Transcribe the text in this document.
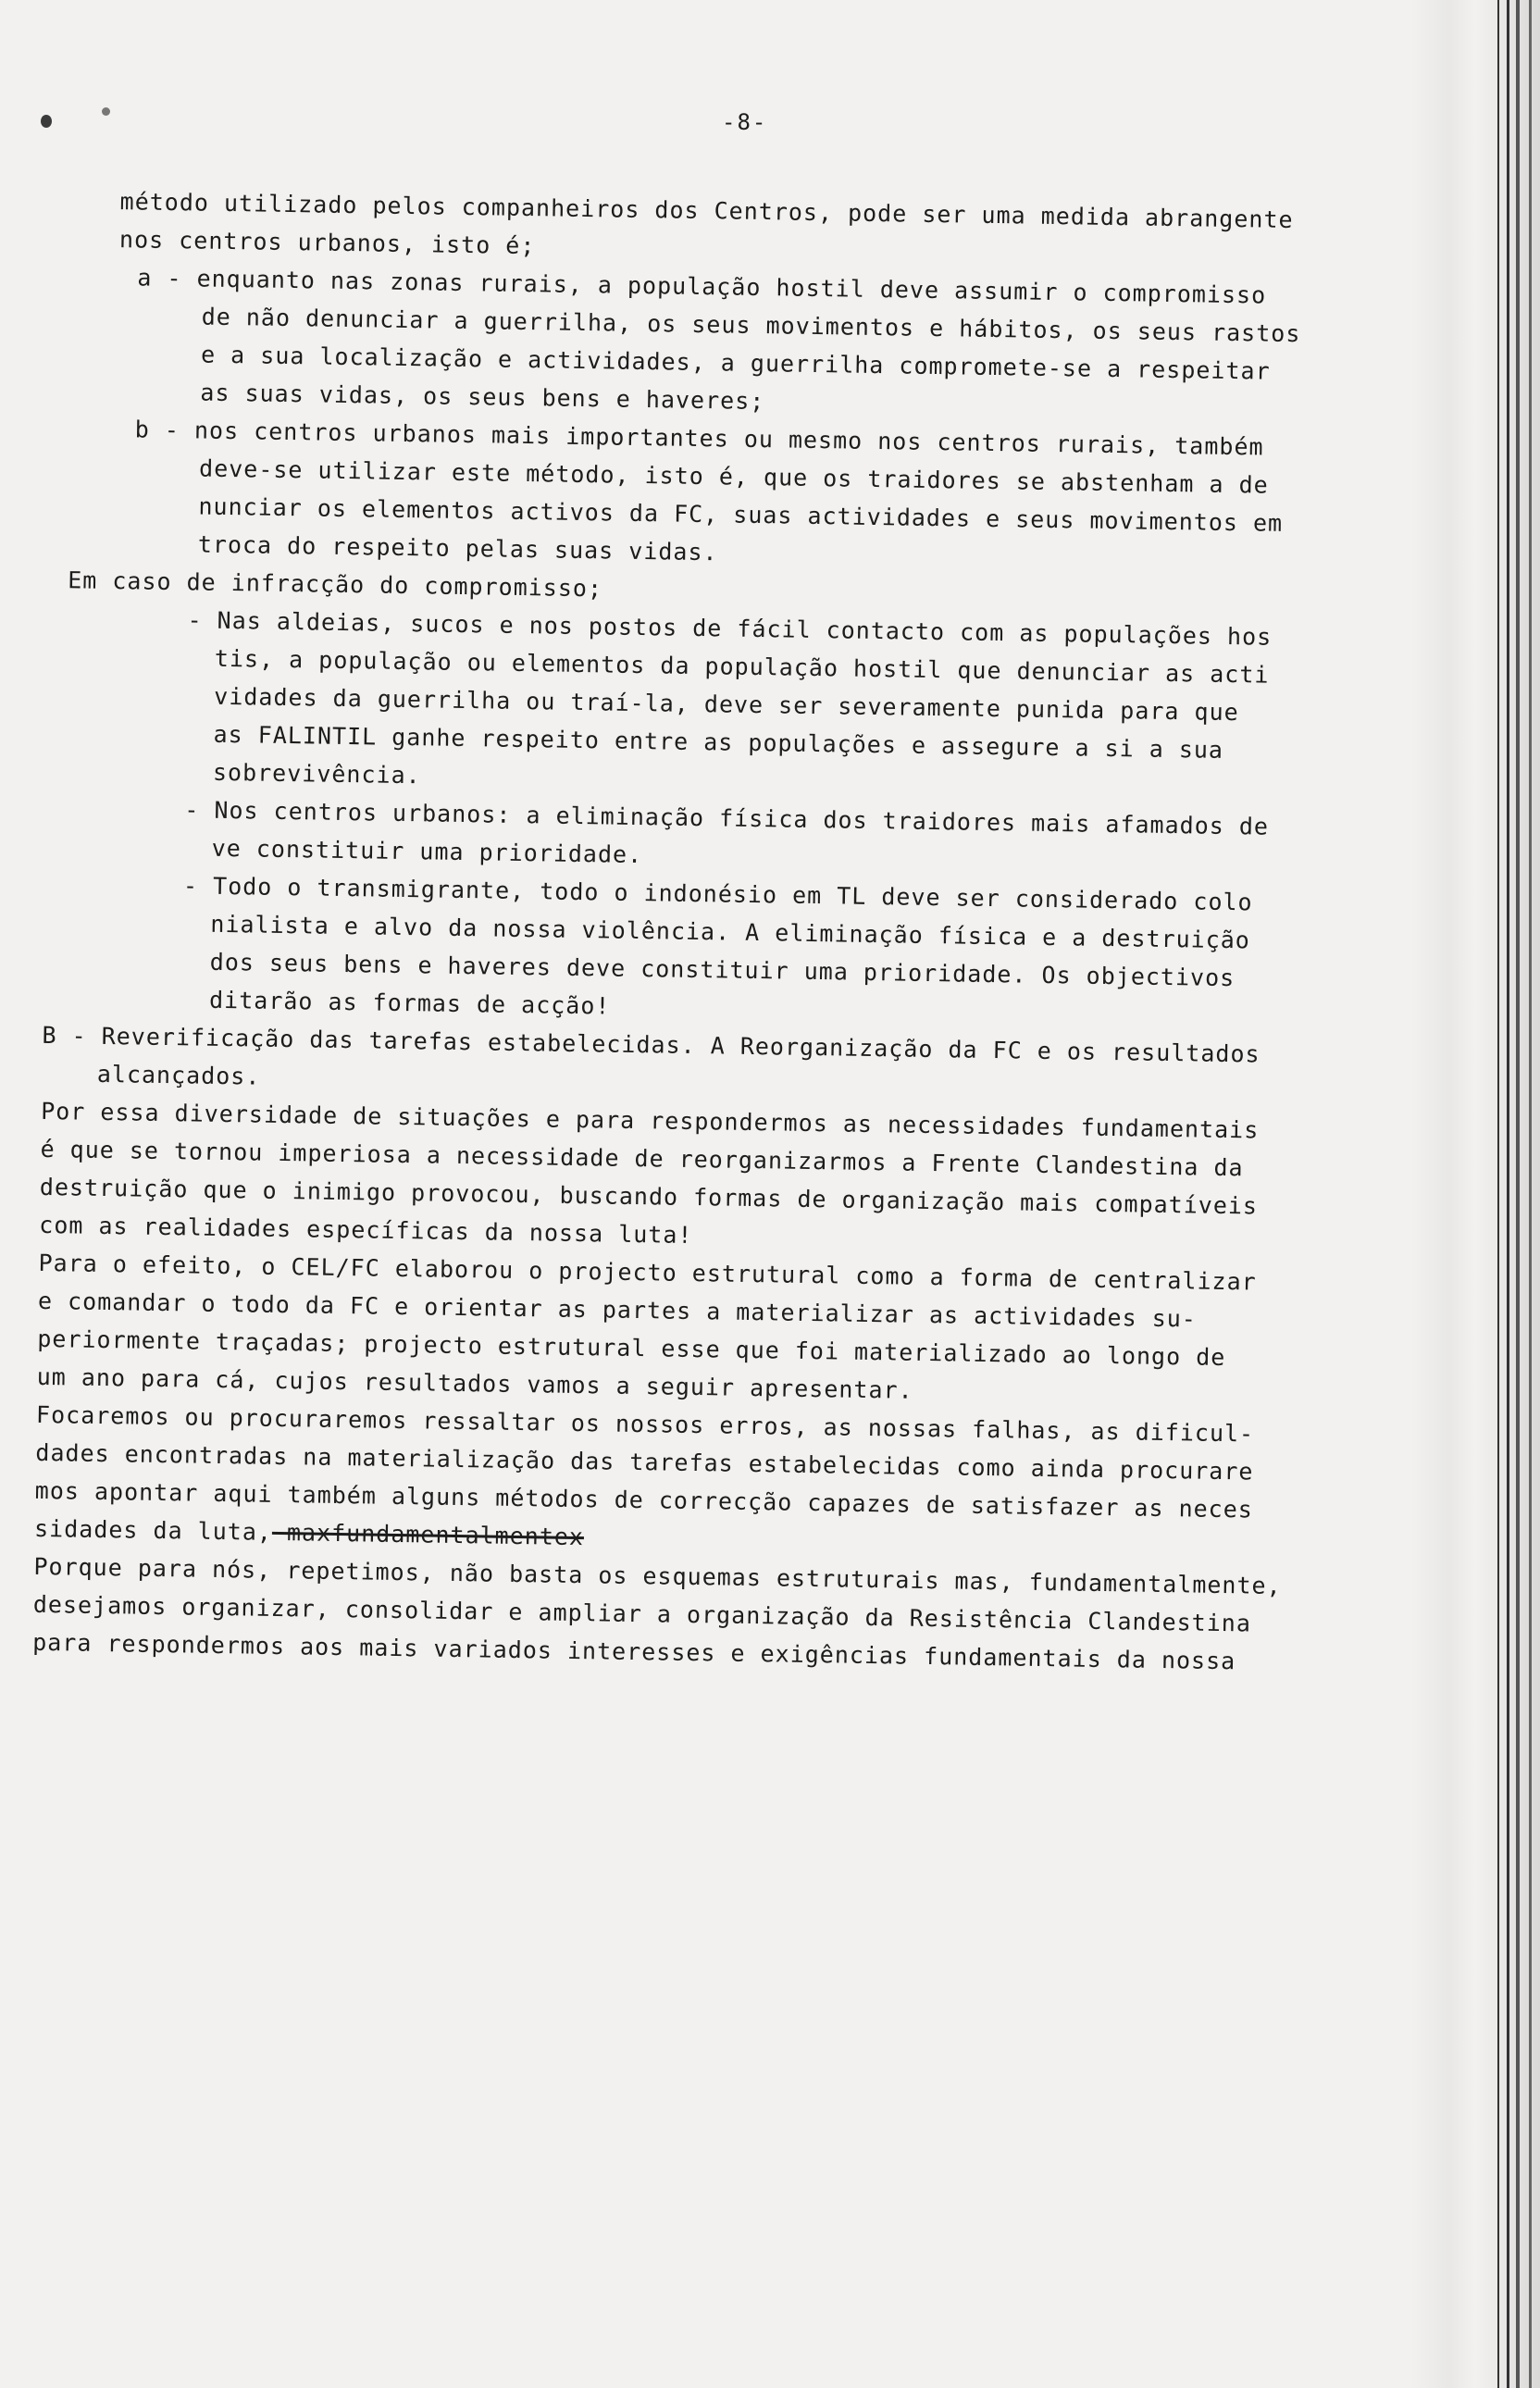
-8-
método utilizado pelos companheiros dos Centros, pode ser uma medida abrangente
nos centros urbanos, isto é;
a - enquanto nas zonas rurais, a população hostil deve assumir o compromisso
de não denunciar a guerrilha, os seus movimentos e hábitos, os seus rastos
e a sua localização e actividades, a guerrilha compromete-se a respeitar
as suas vidas, os seus bens e haveres;
b - nos centros urbanos mais importantes ou mesmo nos centros rurais, também
deve-se utilizar este método, isto é, que os traidores se abstenham a de
nunciar os elementos activos da FC, suas actividades e seus movimentos em
troca do respeito pelas suas vidas.
Em caso de infracção do compromisso;
- Nas aldeias, sucos e nos postos de fácil contacto com as populações hos
tis, a população ou elementos da população hostil que denunciar as acti
vidades da guerrilha ou traí-la, deve ser severamente punida para que
as FALINTIL ganhe respeito entre as populações e assegure a si a sua
sobrevivência.
- Nos centros urbanos: a eliminação física dos traidores mais afamados de
ve constituir uma prioridade.
- Todo o transmigrante, todo o indonésio em TL deve ser considerado colo
nialista e alvo da nossa violência. A eliminação física e a destruição
dos seus bens e haveres deve constituir uma prioridade. Os objectivos
ditarão as formas de acção!
B - Reverificação das tarefas estabelecidas. A Reorganização da FC e os resultados
alcançados.
Por essa diversidade de situações e para respondermos as necessidades fundamentais
é que se tornou imperiosa a necessidade de reorganizarmos a Frente Clandestina da
destruição que o inimigo provocou, buscando formas de organização mais compatíveis
com as realidades específicas da nossa luta!
Para o efeito, o CEL/FC elaborou o projecto estrutural como a forma de centralizar
e comandar o todo da FC e orientar as partes a materializar as actividades su-
periormente traçadas; projecto estrutural esse que foi materializado ao longo de
um ano para cá, cujos resultados vamos a seguir apresentar.
Focaremos ou procuraremos ressaltar os nossos erros, as nossas falhas, as dificul-
dades encontradas na materialização das tarefas estabelecidas como ainda procurare
mos apontar aqui também alguns métodos de correcção capazes de satisfazer as neces
sidades da luta, maxfundamentalmentex
Porque para nós, repetimos, não basta os esquemas estruturais mas, fundamentalmente,
desejamos organizar, consolidar e ampliar a organização da Resistência Clandestina
para respondermos aos mais variados interesses e exigências fundamentais da nossa
